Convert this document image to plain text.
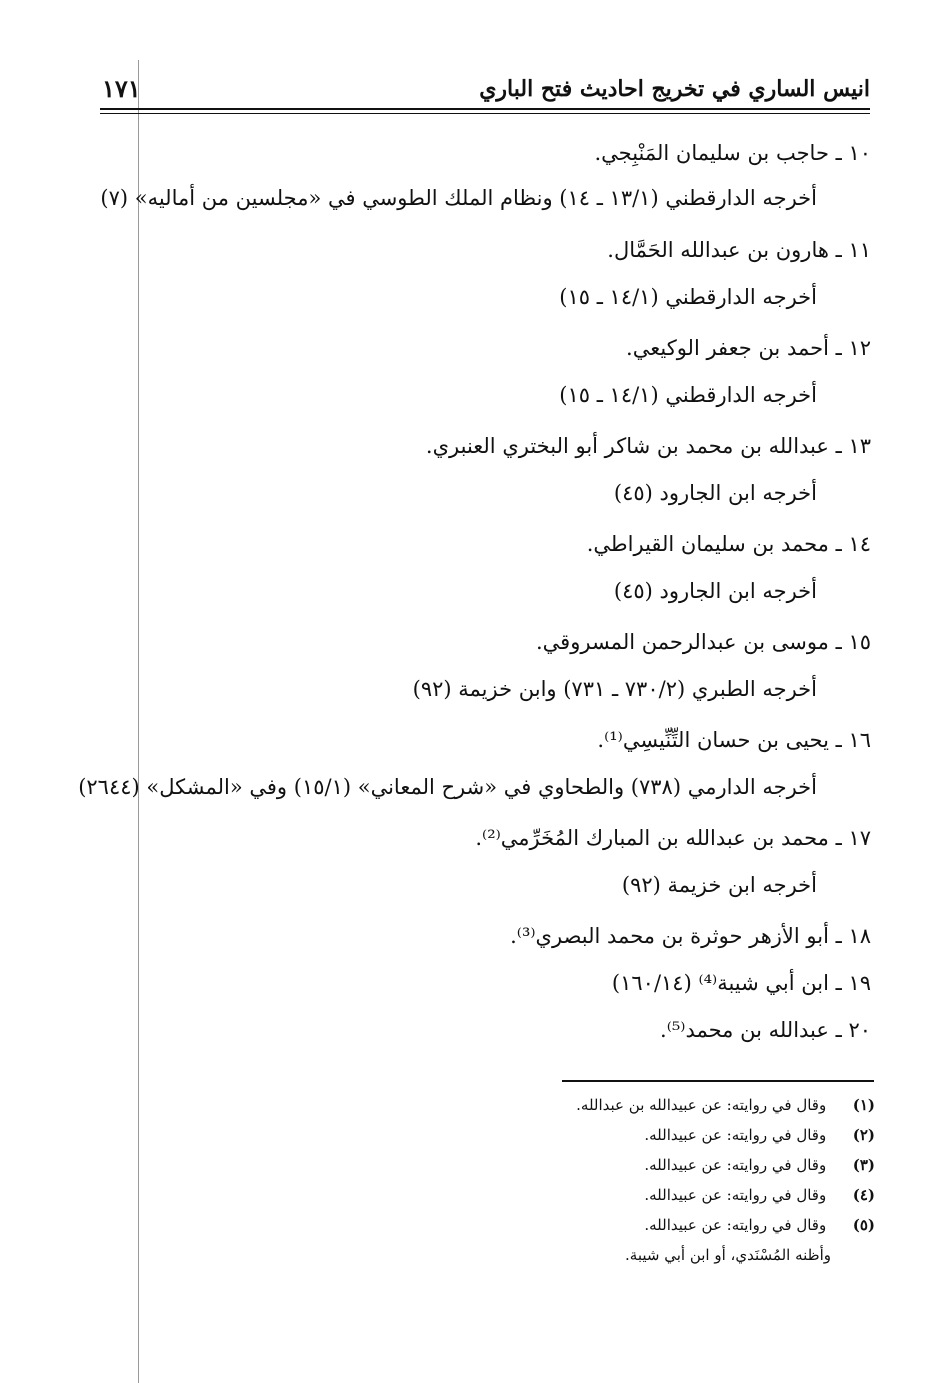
انيس الساري في تخريج احاديث فتح الباري
١٧١
١٠ ـ حاجب بن سليمان المَنْبِجي.
أخرجه الدارقطني (١٣/١ ـ ١٤) ونظام الملك الطوسي في «مجلسين من أماليه» (٧)
١١ ـ هارون بن عبدالله الحَمَّال.
أخرجه الدارقطني (١٤/١ ـ ١٥)
١٢ ـ أحمد بن جعفر الوكيعي.
أخرجه الدارقطني (١٤/١ ـ ١٥)
١٣ ـ عبدالله بن محمد بن شاكر أبو البختري العنبري.
أخرجه ابن الجارود (٤٥)
١٤ ـ محمد بن سليمان القيراطي.
أخرجه ابن الجارود (٤٥)
١٥ ـ موسى بن عبدالرحمن المسروقي.
أخرجه الطبري (٧٣٠/٢ ـ ٧٣١) وابن خزيمة (٩٢)
١٦ ـ يحيى بن حسان التِّنِّيسِي⁽¹⁾.
أخرجه الدارمي (٧٣٨) والطحاوي في «شرح المعاني» (١٥/١) وفي «المشكل» (٢٦٤٤)
١٧ ـ محمد بن عبدالله بن المبارك المُخَرِّمي⁽²⁾.
أخرجه ابن خزيمة (٩٢)
١٨ ـ أبو الأزهر حوثرة بن محمد البصري⁽³⁾.
١٩ ـ ابن أبي شيبة⁽⁴⁾ (١٦٠/١٤)
٢٠ ـ عبدالله بن محمد⁽⁵⁾.
(١) وقال في روايته: عن عبيدالله بن عبدالله.
(٢) وقال في روايته: عن عبيدالله.
(٣) وقال في روايته: عن عبيدالله.
(٤) وقال في روايته: عن عبيدالله.
(٥) وقال في روايته: عن عبيدالله.
وأظنه المُسْنَدي، أو ابن أبي شيبة.
